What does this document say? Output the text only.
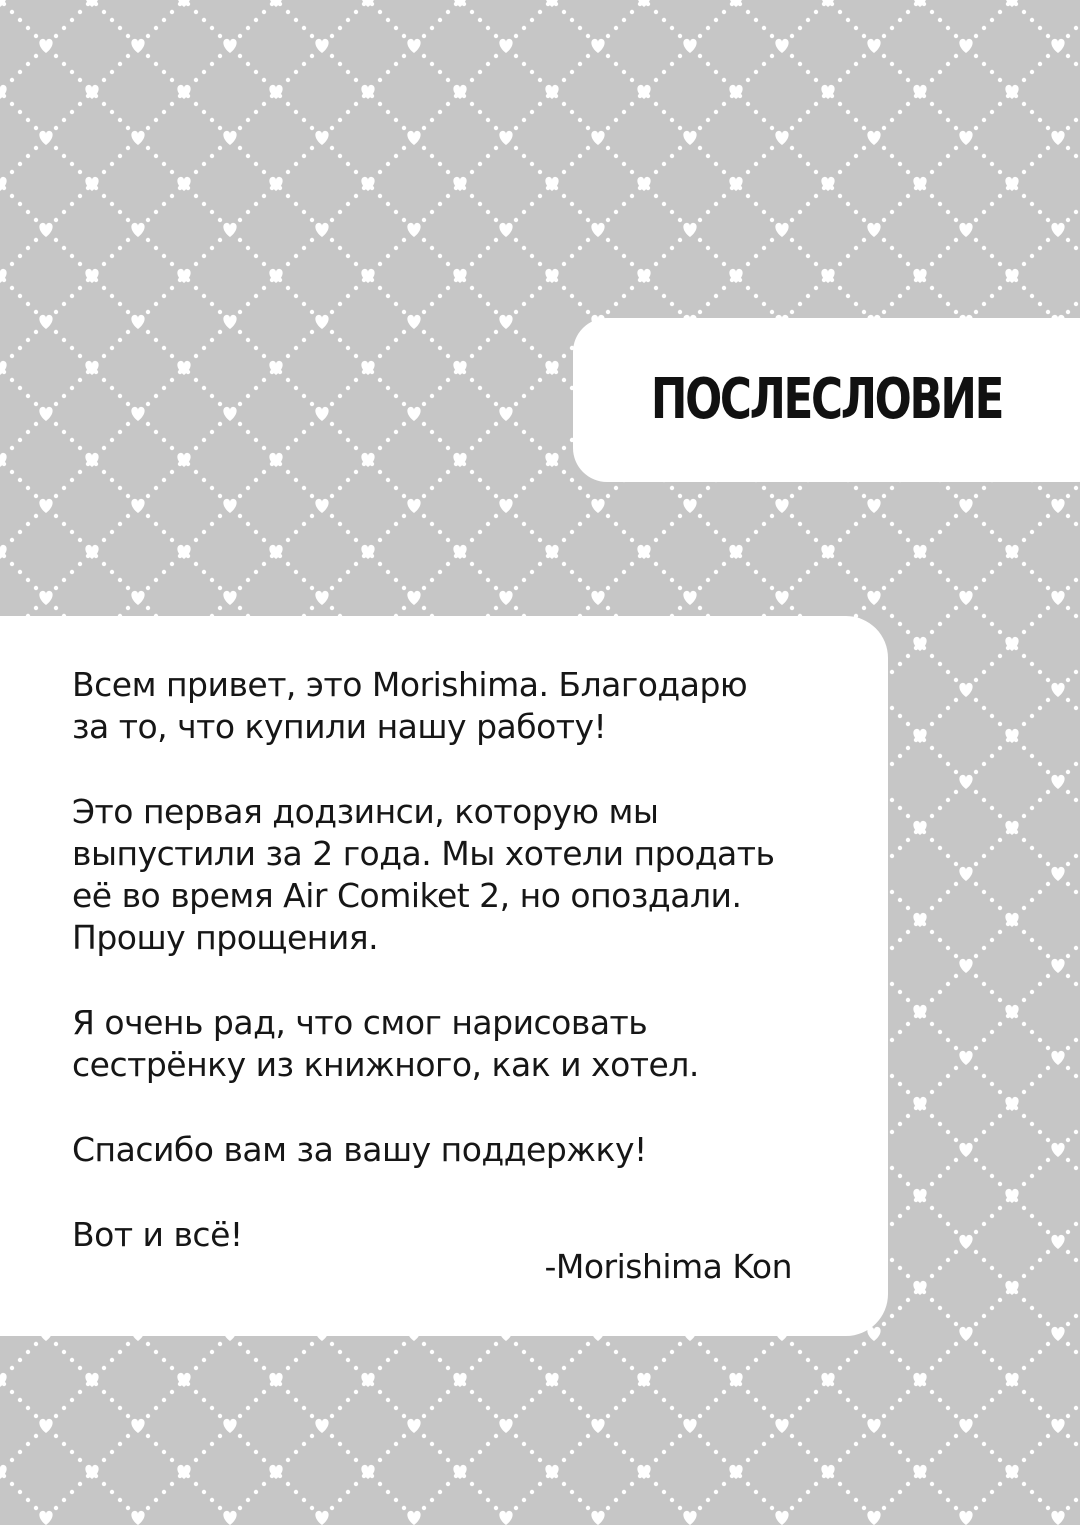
ПОСЛЕСЛОВИЕ

Всем привет, это Morishima. Благодарю
за то, что купили нашу работу!

Это первая додзинси, которую мы
выпустили за 2 года. Мы хотели продать
eё во время Air Comiket 2, но опоздали.
Прошу прощения.

Я очень рад, что смог нарисовать
сестрёнку из книжного, как и хотел.

Спасибо вам за вашу поддержку!

Вот и всё!

-Morishima Kon
